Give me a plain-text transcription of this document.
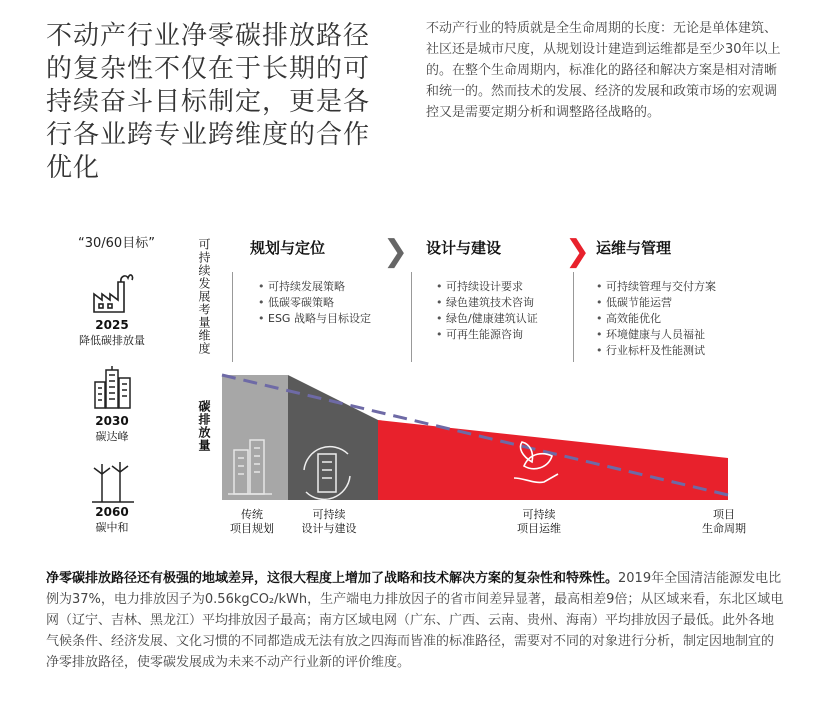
不动产行业净零碳排放路径的复杂性不仅在于长期的可持续奋斗目标制定，更是各行各业跨专业跨维度的合作优化
不动产行业的特质就是全生命周期的长度：无论是单体建筑、社区还是城市尺度，从规划设计建造到运维都是至少30年以上的。在整个生命周期内，标准化的路径和解决方案是相对清晰和统一的。然而技术的发展、经济的发展和政策市场的宏观调控又是需要定期分析和调整路径战略的。
“30/60目标”
2025
降低碳排放量
2030
碳达峰
2060
碳中和
可持续发展考量维度
碳排放量
规划与定位
• 可持续发展策略
• 低碳零碳策略
• ESG 战略与目标设定
❯ 设计与建设
• 可持续设计要求
• 绿色建筑技术咨询
• 绿色/健康建筑认证
• 可再生能源咨询
❯ 运维与管理
• 可持续管理与交付方案
• 低碳节能运营
• 高效能优化
• 环境健康与人员福祉
• 行业标杆及性能测试
传统
项目规划
可持续
设计与建设
可持续
项目运维
项目
生命周期
净零碳排放路径还有极强的地域差异，这很大程度上增加了战略和技术解决方案的复杂性和特殊性。2019年全国清洁能源发电比例为37%，电力排放因子为0.56kgCO₂/kWh，生产端电力排放因子的省市间差异显著，最高相差9倍；从区域来看，东北区域电网（辽宁、吉林、黑龙江）平均排放因子最高；南方区域电网（广东、广西、云南、贵州、海南）平均排放因子最低。此外各地气候条件、经济发展、文化习惯的不同都造成无法有放之四海而皆准的标准路径，需要对不同的对象进行分析，制定因地制宜的净零排放路径，使零碳发展成为未来不动产行业新的评价维度。
